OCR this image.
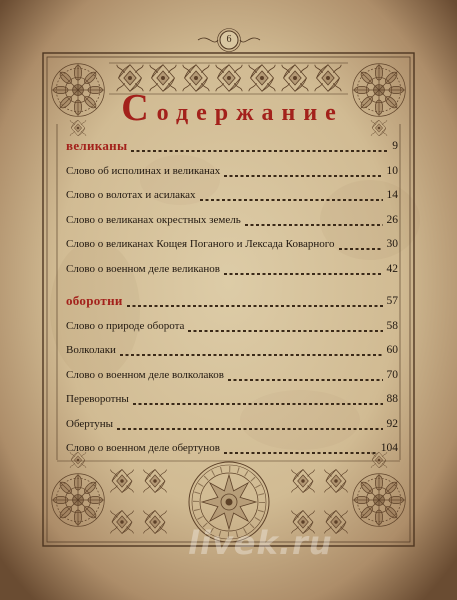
6
Содержание
великаны	9
Слово об исполинах и великанах	10
Слово о волотах и асилаках	14
Слово о великанах окрестных земель	26
Слово о великанах Кощея Поганого и Лексада Коварного	30
Слово о военном деле великанов	42
оборотни	57
Слово о природе оборота	58
Волколаки	60
Слово о военном деле волколаков	70
Переворотны	88
Обертуны	92
Слово о военном деле обертунов	104
livek.ru
